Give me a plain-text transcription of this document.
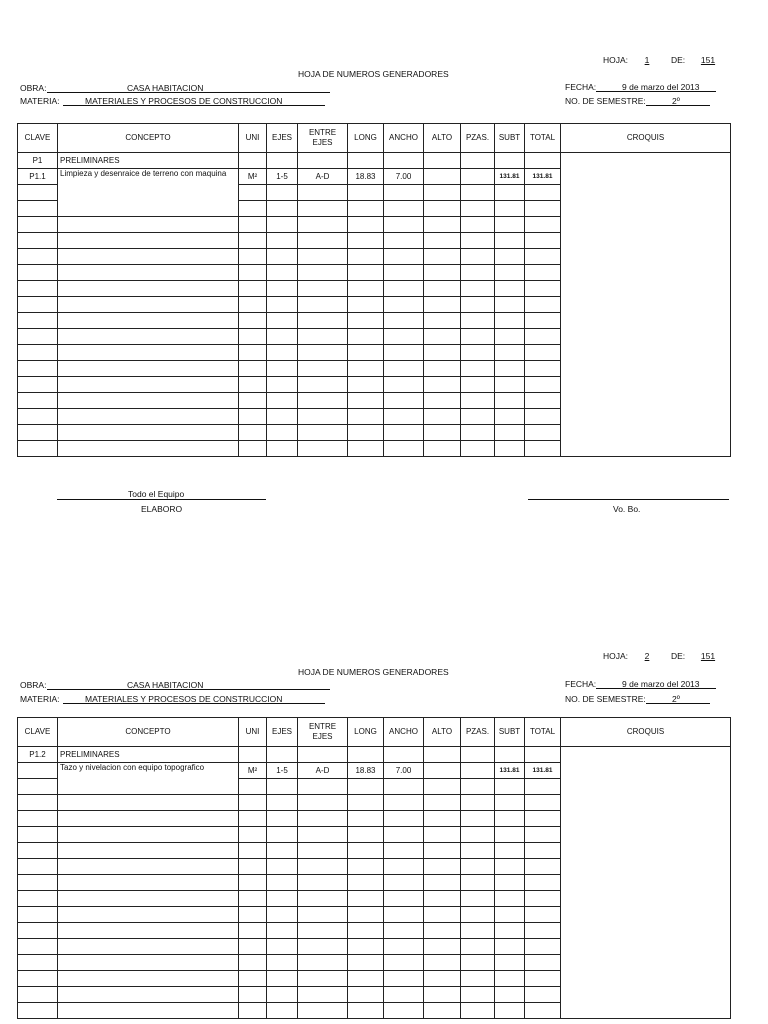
HOJA:	1	DE:	151
HOJA DE NUMEROS GENERADORES
OBRA:	CASA HABITACION
MATERIA:	MATERIALES Y PROCESOS DE CONSTRUCCION
FECHA:	9 de marzo del 2013
NO. DE SEMESTRE:	2º
CLAVE	CONCEPTO	UNI	EJES	ENTRE EJES	LONG	ANCHO	ALTO	PZAS.	SUBT	TOTAL	CROQUIS
P1	PRELIMINARES										
P1.1	Limpieza y desenraice de terreno con maquina	M²	1-5	A-D	18.83	7.00			131.81	131.81	

Todo el Equipo
ELABORO	Vo. Bo.
HOJA:	2	DE:	151
HOJA DE NUMEROS GENERADORES
OBRA:	CASA HABITACION
MATERIA:	MATERIALES Y PROCESOS DE CONSTRUCCION
FECHA:	9 de marzo del 2013
NO. DE SEMESTRE:	2º
CLAVE	CONCEPTO	UNI	EJES	ENTRE EJES	LONG	ANCHO	ALTO	PZAS.	SUBT	TOTAL	CROQUIS
P1.2	PRELIMINARES										
	Tazo y nivelacion con equipo topografico	M²	1-5	A-D	18.83	7.00			131.81	131.81	
